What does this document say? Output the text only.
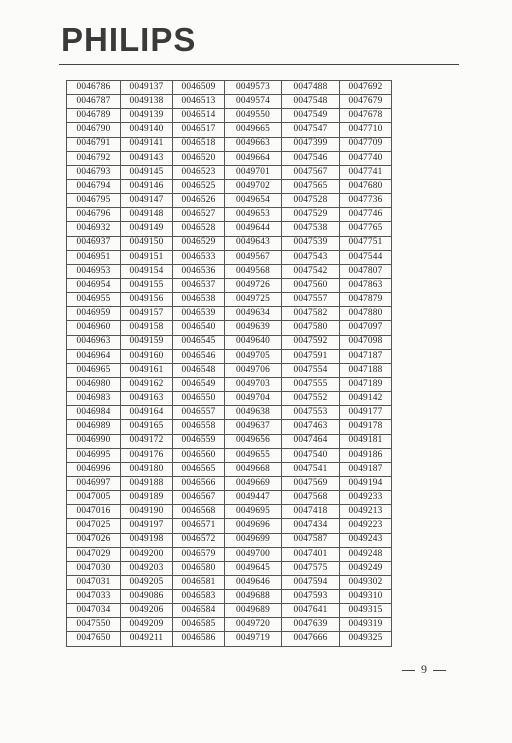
PHILIPS
0046786	0049137	0046509	0049573	0047488	0047692
0046787	0049138	0046513	0049574	0047548	0047679
0046789	0049139	0046514	0049550	0047549	0047678
0046790	0049140	0046517	0049665	0047547	0047710
0046791	0049141	0046518	0049663	0047399	0047709
0046792	0049143	0046520	0049664	0047546	0047740
0046793	0049145	0046523	0049701	0047567	0047741
0046794	0049146	0046525	0049702	0047565	0047680
0046795	0049147	0046526	0049654	0047528	0047736
0046796	0049148	0046527	0049653	0047529	0047746
0046932	0049149	0046528	0049644	0047538	0047765
0046937	0049150	0046529	0049643	0047539	0047751
0046951	0049151	0046533	0049567	0047543	0047544
0046953	0049154	0046536	0049568	0047542	0047807
0046954	0049155	0046537	0049726	0047560	0047863
0046955	0049156	0046538	0049725	0047557	0047879
0046959	0049157	0046539	0049634	0047582	0047880
0046960	0049158	0046540	0049639	0047580	0047097
0046963	0049159	0046545	0049640	0047592	0047098
0046964	0049160	0046546	0049705	0047591	0047187
0046965	0049161	0046548	0049706	0047554	0047188
0046980	0049162	0046549	0049703	0047555	0047189
0046983	0049163	0046550	0049704	0047552	0049142
0046984	0049164	0046557	0049638	0047553	0049177
0046989	0049165	0046558	0049637	0047463	0049178
0046990	0049172	0046559	0049656	0047464	0049181
0046995	0049176	0046560	0049655	0047540	0049186
0046996	0049180	0046565	0049668	0047541	0049187
0046997	0049188	0046566	0049669	0047569	0049194
0047005	0049189	0046567	0049447	0047568	0049233
0047016	0049190	0046568	0049695	0047418	0049213
0047025	0049197	0046571	0049696	0047434	0049223
0047026	0049198	0046572	0049699	0047587	0049243
0047029	0049200	0046579	0049700	0047401	0049248
0047030	0049203	0046580	0049645	0047575	0049249
0047031	0049205	0046581	0049646	0047594	0049302
0047033	0049086	0046583	0049688	0047593	0049310
0047034	0049206	0046584	0049689	0047641	0049315
0047550	0049209	0046585	0049720	0047639	0049319
0047650	0049211	0046586	0049719	0047666	0049325
9
